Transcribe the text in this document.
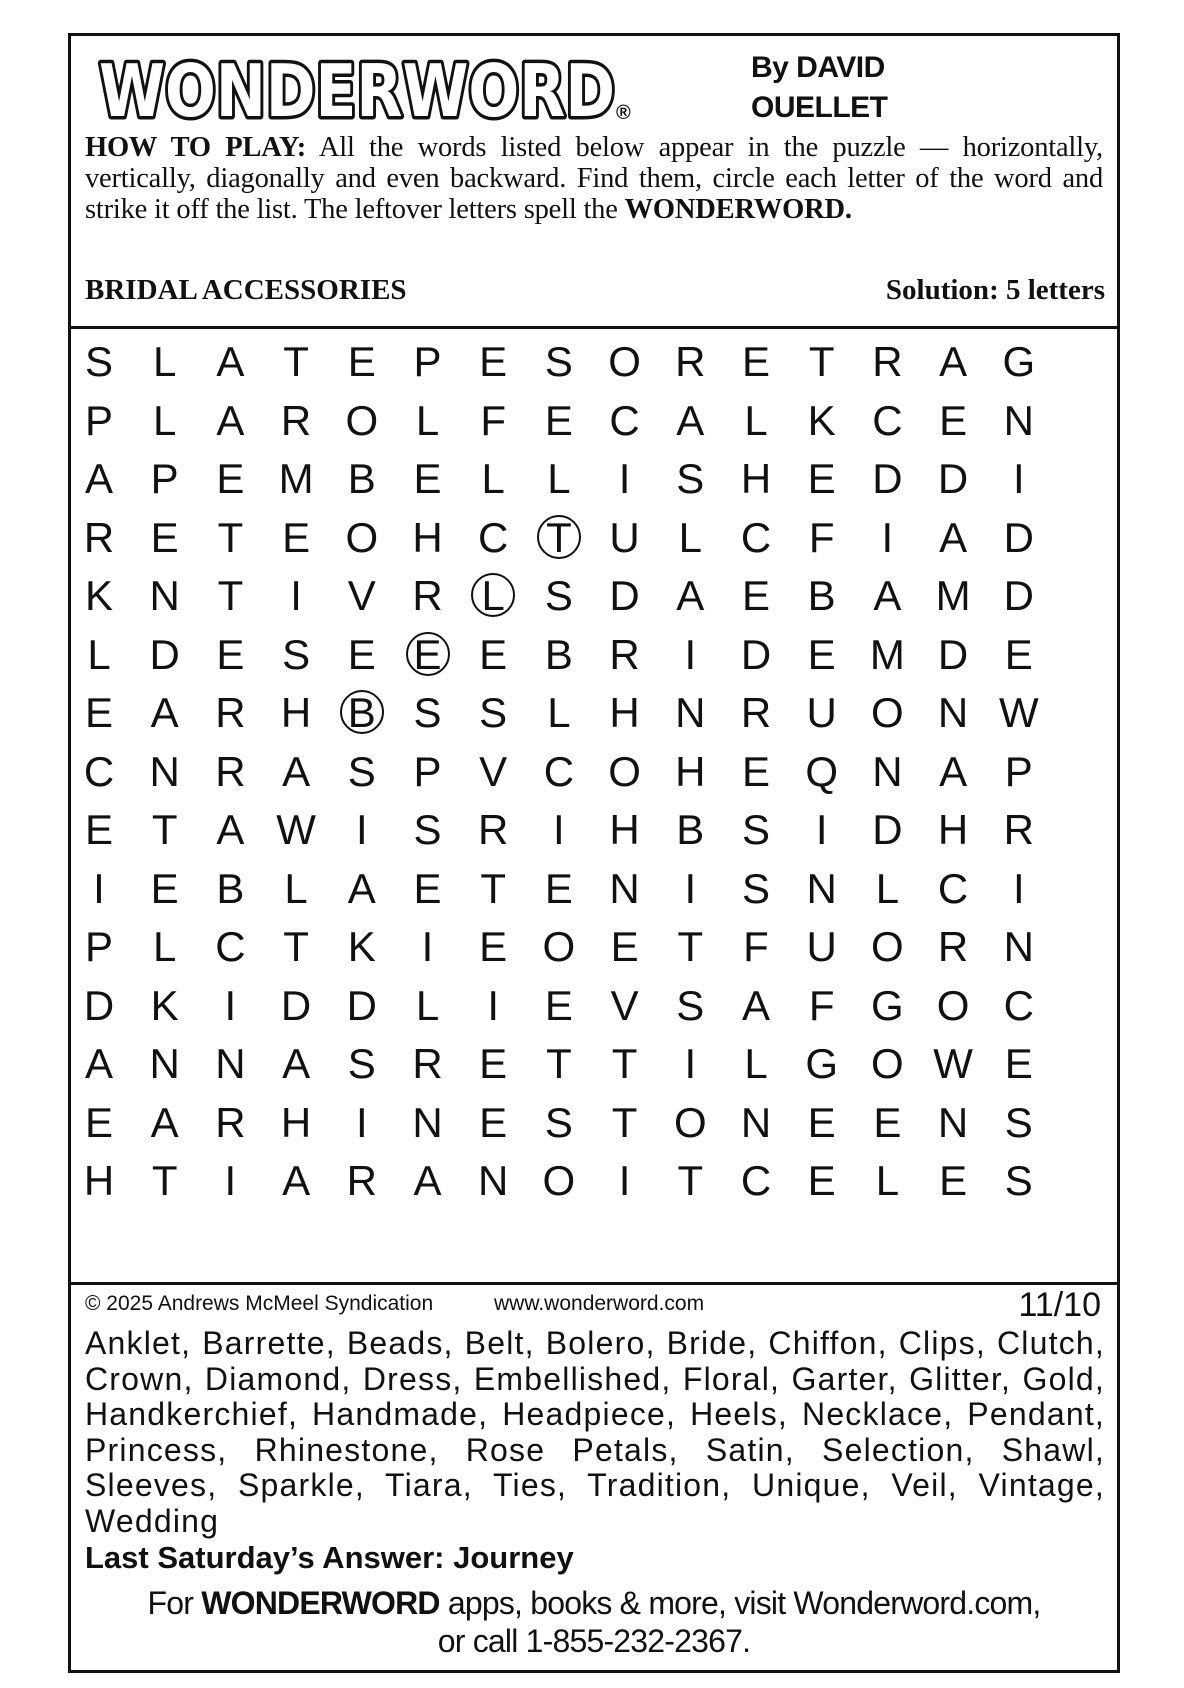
WONDERWORD
WONDERWORD ®
By DAVID
OUELLET
HOW TO PLAY: All the words listed below appear in the puzzle — horizontally, vertically, diagonally and even backward. Find them, circle each letter of the word and strike it off the list. The leftover letters spell the WONDERWORD.
BRIDAL ACCESSORIES	Solution: 5 letters
S L A T E P E S O R E T R A G
P L A R O L F E C A L K C E N
A P E M B E L	L	I	S H E D D	I
R E T E O H C T U L C F	I	A D
K N T	I	V R L S D A E B A M D
L D E S E E E B R	I	D E M D E
E A R H B S S L H N R U O N W
C N R A S P V C O H E Q N A P
E T A W I	S R	I	H B S	I	D H R
I	E B L A E T E N	I	S N L C	I
P L C T K	I	E O E T F U O R N
D K	I	D D L	I	E V S A F G O C
A N N A S R E T T	I	L G O W E
E A R H	I	N E S T O N E E N S
H T	I	A R A N O	I	T C E L E S
© 2025 Andrews McMeel Syndication	www.wonderword.com	11/10
Anklet, Barrette, Beads, Belt, Bolero, Bride, Chiffon, Clips, Clutch, Crown, Diamond, Dress, Embellished, Floral, Garter, Glitter, Gold, Handkerchief, Handmade, Headpiece, Heels, Necklace, Pendant, Princess, Rhinestone, Rose Petals, Satin, Selection, Shawl, Sleeves, Sparkle, Tiara, Ties, Tradition, Unique, Veil, Vintage, Wedding
Last Saturday’s Answer: Journey
For WONDERWORD apps, books & more, visit Wonderword.com,
or call 1-855-232-2367.
